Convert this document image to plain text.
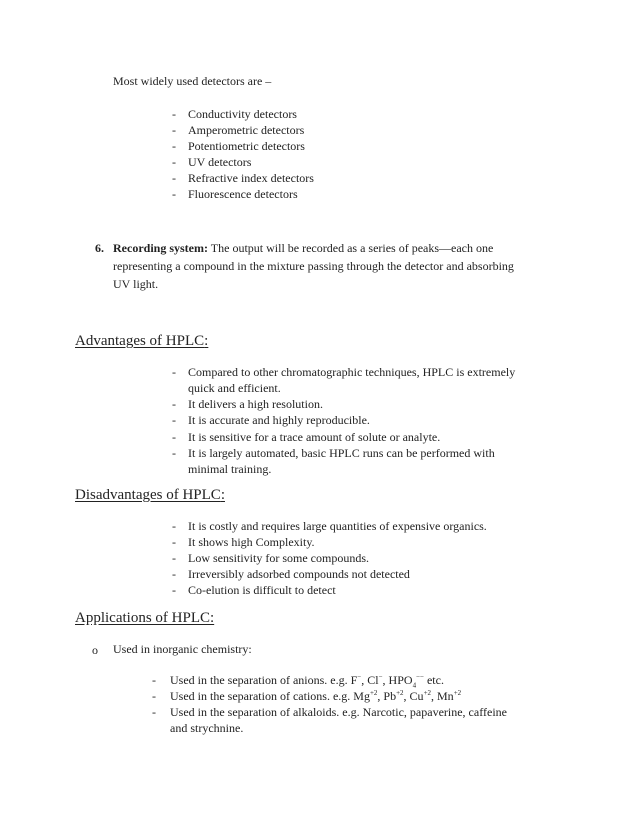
Most widely used detectors are –
- Conductivity detectors
- Amperometric detectors
- Potentiometric detectors
- UV detectors
- Refractive index detectors
- Fluorescence detectors
6. Recording system: The output will be recorded as a series of peaks—each one
representing a compound in the mixture passing through the detector and absorbing
UV light.
Advantages of HPLC:
- Compared to other chromatographic techniques, HPLC is extremely
quick and efficient.
- It delivers a high resolution.
- It is accurate and highly reproducible.
- It is sensitive for a trace amount of solute or analyte.
- It is largely automated, basic HPLC runs can be performed with
minimal training.
Disadvantages of HPLC:
- It is costly and requires large quantities of expensive organics.
- It shows high Complexity.
- Low sensitivity for some compounds.
- Irreversibly adsorbed compounds not detected
- Co-elution is difficult to detect
Applications of HPLC:
o Used in inorganic chemistry:
- Used in the separation of anions. e.g. F−, Cl−, $HPO_4^{--}$ etc.
- Used in the separation of cations. e.g. $Mg^{+2}$, $Pb^{+2}$, $Cu^{+2}$, $Mn^{+2}$
- Used in the separation of alkaloids. e.g. Narcotic, papaverine, caffeine
and strychnine.
